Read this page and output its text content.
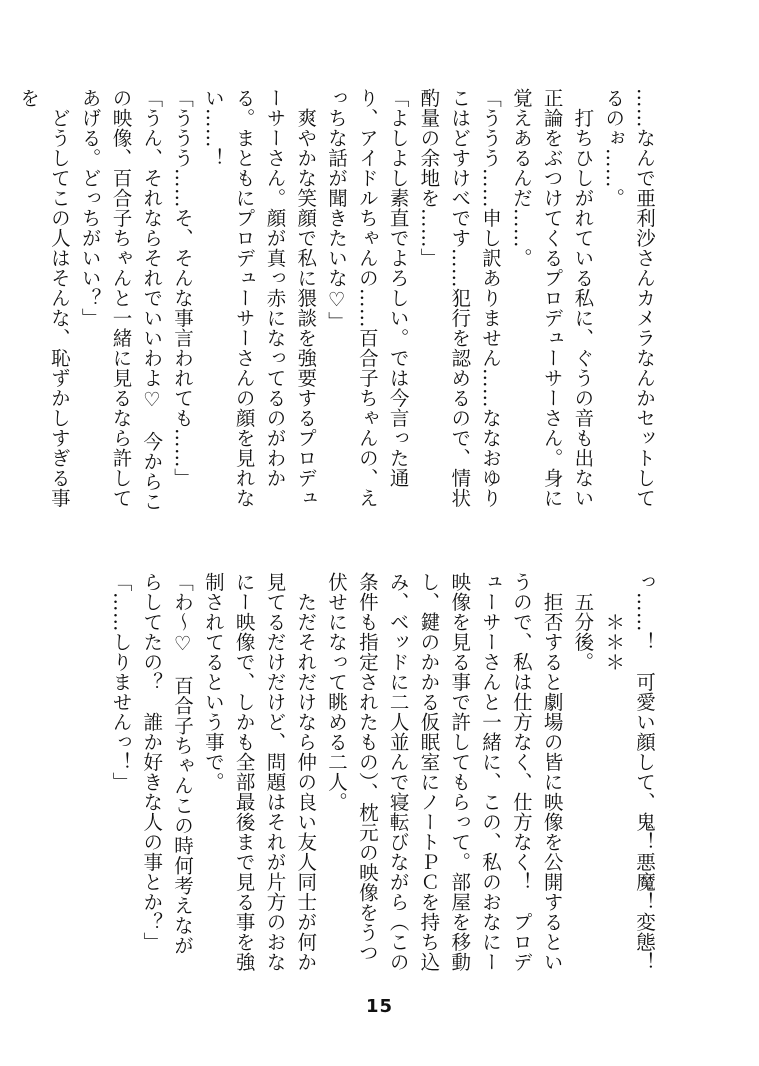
……なんで亜利沙さんカメラなんかセットしてるのぉ……。

　打ちひしがれている私に、ぐうの音も出ない正論をぶつけてくるプロデューサーさん。身に覚えあるんだ……。

「ううう……申し訳ありません……ななおゆりこはどすけべです……犯行を認めるので、情状酌量の余地を……」

「よしよし素直でよろしい。では今言った通り、アイドルちゃんの……百合子ちゃんの、えっちな話が聞きたいな♡」

　爽やかな笑顔で私に猥談を強要するプロデューサーさん。顔が真っ赤になってるのがわかる。まともにプロデューサーさんの顔を見れない……！

「ううう……そ、そんな事言われても……」

「うん、それならそれでいいわよ♡　今からこの映像、百合子ちゃんと一緒に見るなら許してあげる。どっちがいい？」

　どうしてこの人はそんな、恥ずかしすぎる事を

っ……！　可愛い顔して、鬼！悪魔！変態！

　　＊＊＊

　五分後。

　拒否すると劇場の皆に映像を公開するというので、私は仕方なく、仕方なく！　プロデューサーさんと一緒に、この、私のおなにー映像を見る事で許してもらって。部屋を移動し、鍵のかかる仮眠室にノートＰＣを持ち込み、ベッドに二人並んで寝転びながら（この条件も指定されたもの）、枕元の映像をうつ伏せになって眺める二人。

　ただそれだけなら仲の良い友人同士が何か見てるだけだけど、問題はそれが片方のおなにー映像で、しかも全部最後まで見る事を強制されてるという事で。

「わ〜♡　百合子ちゃんこの時何考えながらしてたの？　誰か好きな人の事とか？」

「……しりませんっ！」

15
